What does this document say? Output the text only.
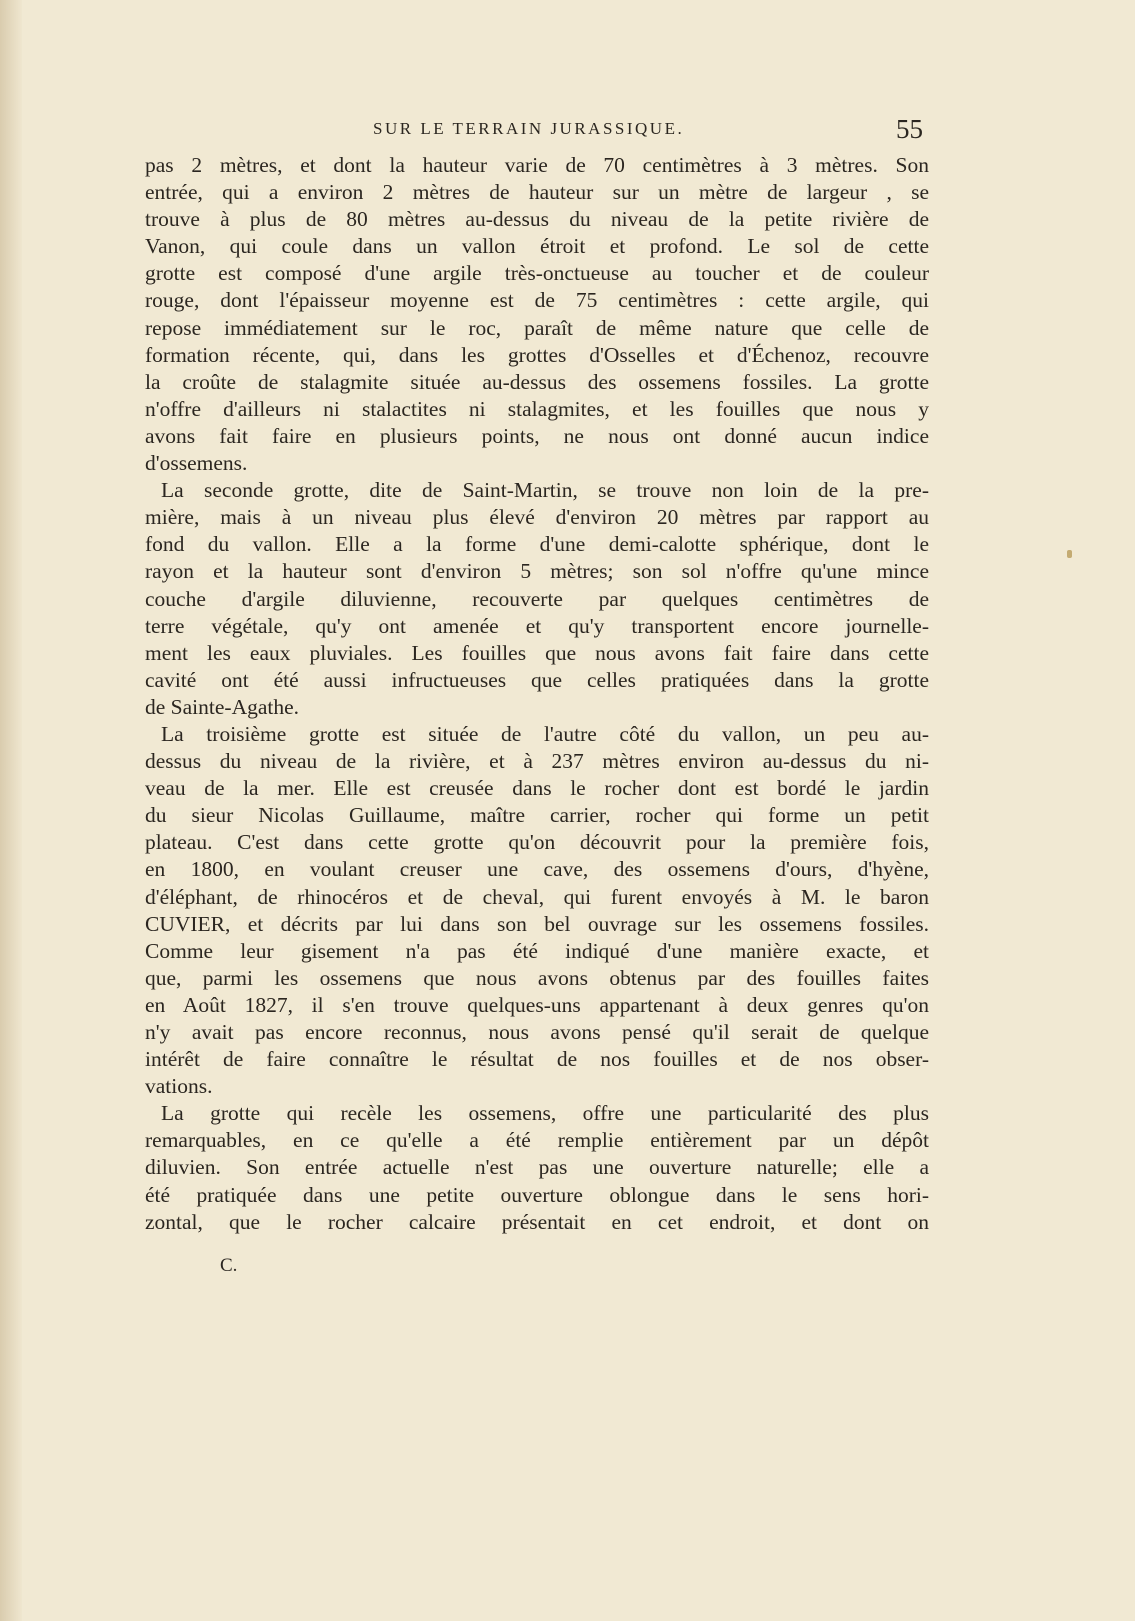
SUR LE TERRAIN JURASSIQUE.	55
pas 2 mètres, et dont la hauteur varie de 70 centimètres à 3 mètres. Son
entrée, qui a environ 2 mètres de hauteur sur un mètre de largeur , se
trouve à plus de 80 mètres au-dessus du niveau de la petite rivière de
Vanon, qui coule dans un vallon étroit et profond. Le sol de cette
grotte est composé d'une argile très-onctueuse au toucher et de couleur
rouge, dont l'épaisseur moyenne est de 75 centimètres : cette argile, qui
repose immédiatement sur le roc, paraît de même nature que celle de
formation récente, qui, dans les grottes d'Osselles et d'Échenoz, recouvre
la croûte de stalagmite située au-dessus des ossemens fossiles. La grotte
n'offre d'ailleurs ni stalactites ni stalagmites, et les fouilles que nous y
avons fait faire en plusieurs points, ne nous ont donné aucun indice
d'ossemens.
La seconde grotte, dite de Saint-Martin, se trouve non loin de la pre-
mière, mais à un niveau plus élevé d'environ 20 mètres par rapport au
fond du vallon. Elle a la forme d'une demi-calotte sphérique, dont le
rayon et la hauteur sont d'environ 5 mètres; son sol n'offre qu'une mince
couche d'argile diluvienne, recouverte par quelques centimètres de
terre végétale, qu'y ont amenée et qu'y transportent encore journelle-
ment les eaux pluviales. Les fouilles que nous avons fait faire dans cette
cavité ont été aussi infructueuses que celles pratiquées dans la grotte
de Sainte-Agathe.
La troisième grotte est située de l'autre côté du vallon, un peu au-
dessus du niveau de la rivière, et à 237 mètres environ au-dessus du ni-
veau de la mer. Elle est creusée dans le rocher dont est bordé le jardin
du sieur Nicolas Guillaume, maître carrier, rocher qui forme un petit
plateau. C'est dans cette grotte qu'on découvrit pour la première fois,
en 1800, en voulant creuser une cave, des ossemens d'ours, d'hyène,
d'éléphant, de rhinocéros et de cheval, qui furent envoyés à M. le baron
CUVIER, et décrits par lui dans son bel ouvrage sur les ossemens fossiles.
Comme leur gisement n'a pas été indiqué d'une manière exacte, et
que, parmi les ossemens que nous avons obtenus par des fouilles faites
en Août 1827, il s'en trouve quelques-uns appartenant à deux genres qu'on
n'y avait pas encore reconnus, nous avons pensé qu'il serait de quelque
intérêt de faire connaître le résultat de nos fouilles et de nos obser-
vations.
La grotte qui recèle les ossemens, offre une particularité des plus
remarquables, en ce qu'elle a été remplie entièrement par un dépôt
diluvien. Son entrée actuelle n'est pas une ouverture naturelle; elle a
été pratiquée dans une petite ouverture oblongue dans le sens hori-
zontal, que le rocher calcaire présentait en cet endroit, et dont on
C.
